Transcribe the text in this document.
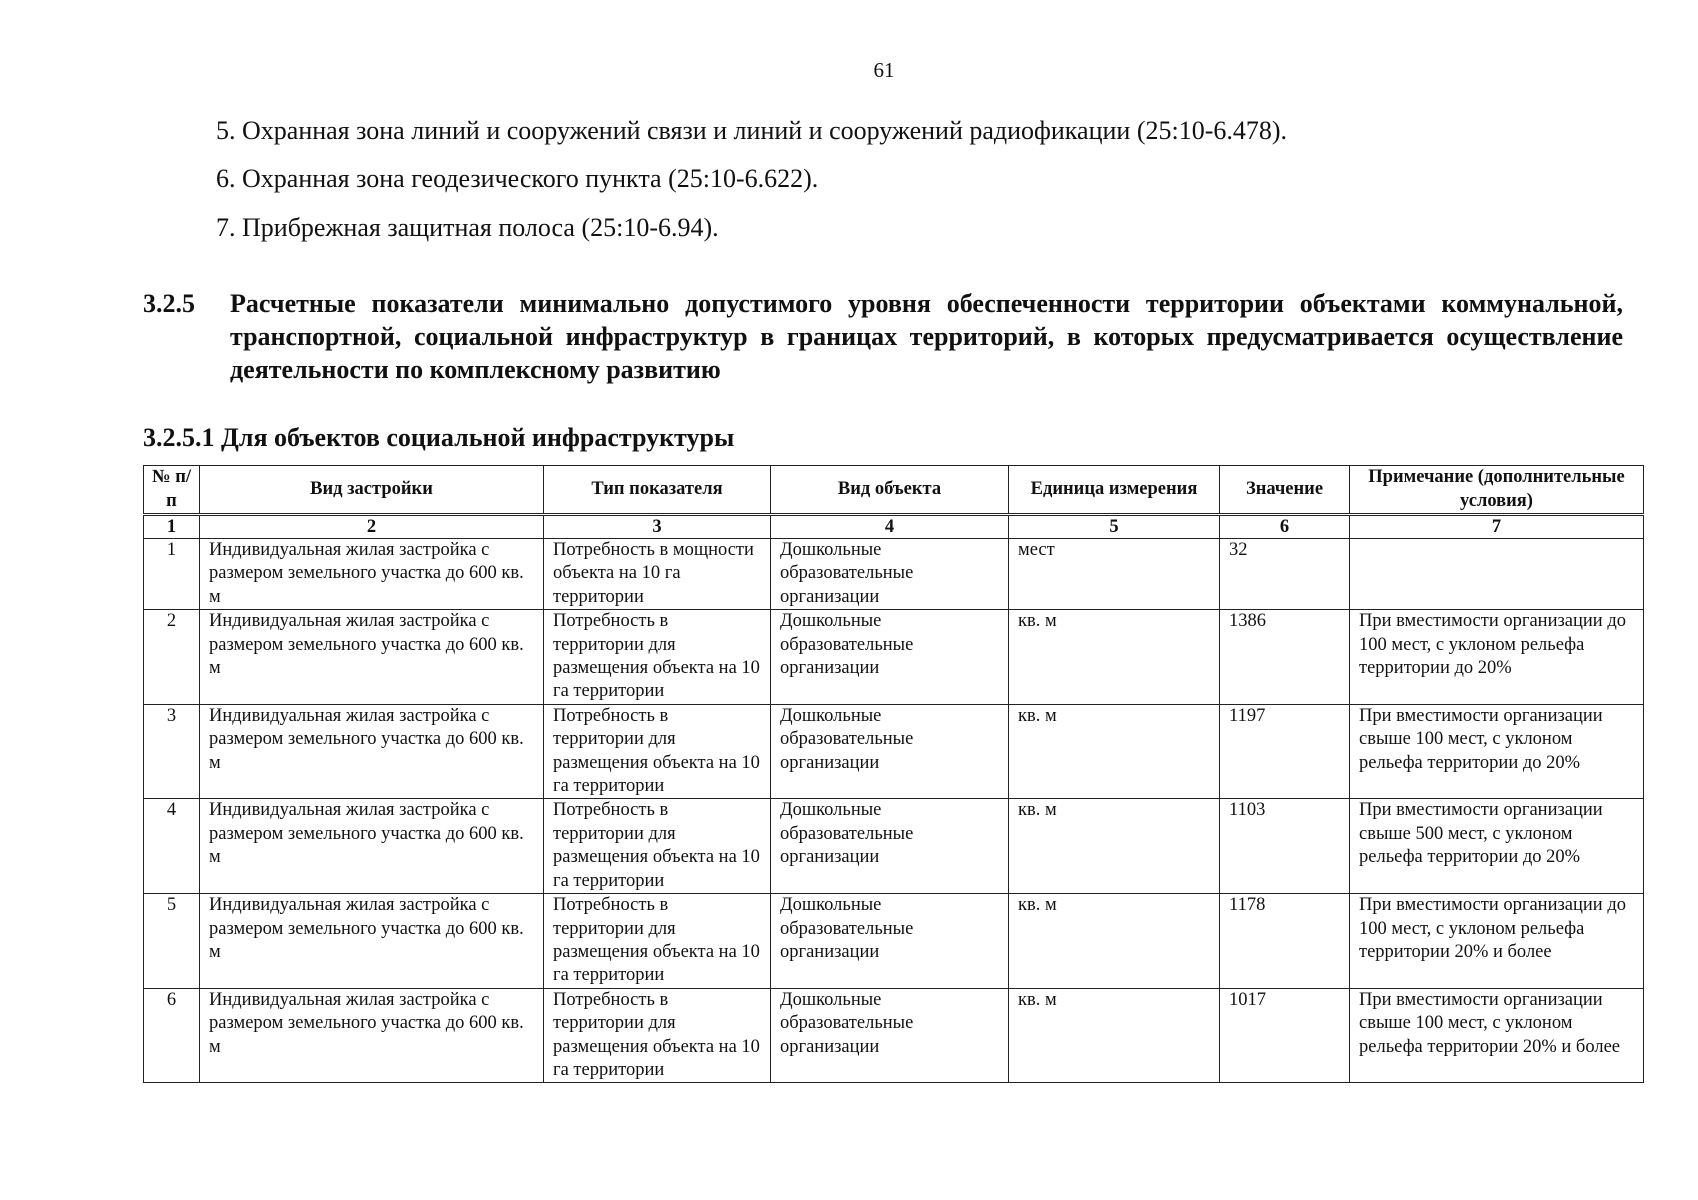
61
5. Охранная зона линий и сооружений связи и линий и сооружений радиофикации (25:10-6.478).
6. Охранная зона геодезического пункта (25:10-6.622).
7. Прибрежная защитная полоса (25:10-6.94).
3.2.5 Расчетные показатели минимально допустимого уровня обеспеченности территории объектами коммунальной, транспортной, социальной инфраструктур в границах территорий, в которых предусматривается осуществление деятельности по комплексному развитию
3.2.5.1 Для объектов социальной инфраструктуры
№ п/п	Вид застройки	Тип показателя	Вид объекта	Единица измерения	Значение	Примечание (дополнительные условия)
1	2	3	4	5	6	7
1	Индивидуальная жилая застройка с размером земельного участка до 600 кв. м	Потребность в мощности объекта на 10 га территории	Дошкольные образовательные организации	мест	32	
2	Индивидуальная жилая застройка с размером земельного участка до 600 кв. м	Потребность в территории для размещения объекта на 10 га территории	Дошкольные образовательные организации	кв. м	1386	При вместимости организации до 100 мест, с уклоном рельефа территории до 20%
3	Индивидуальная жилая застройка с размером земельного участка до 600 кв. м	Потребность в территории для размещения объекта на 10 га территории	Дошкольные образовательные организации	кв. м	1197	При вместимости организации свыше 100 мест, с уклоном рельефа территории до 20%
4	Индивидуальная жилая застройка с размером земельного участка до 600 кв. м	Потребность в территории для размещения объекта на 10 га территории	Дошкольные образовательные организации	кв. м	1103	При вместимости организации свыше 500 мест, с уклоном рельефа территории до 20%
5	Индивидуальная жилая застройка с размером земельного участка до 600 кв. м	Потребность в территории для размещения объекта на 10 га территории	Дошкольные образовательные организации	кв. м	1178	При вместимости организации до 100 мест, с уклоном рельефа территории 20% и более
6	Индивидуальная жилая застройка с размером земельного участка до 600 кв. м	Потребность в территории для размещения объекта на 10 га территории	Дошкольные образовательные организации	кв. м	1017	При вместимости организации свыше 100 мест, с уклоном рельефа территории 20% и более
